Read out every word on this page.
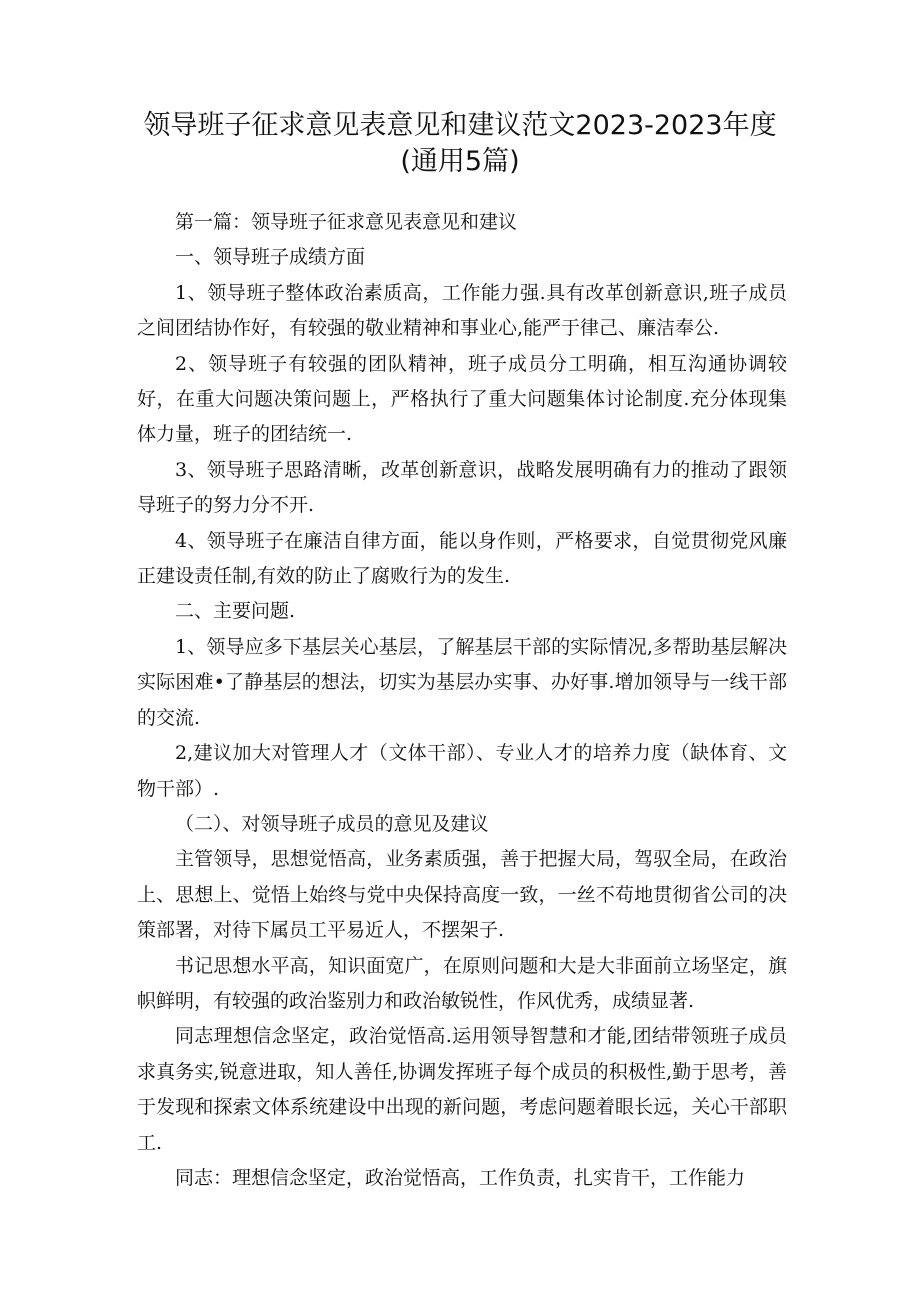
领导班子征求意见表意见和建议范文2023-2023年度
(通用5篇)

第一篇：领导班子征求意见表意见和建议

一、领导班子成绩方面

1、领导班子整体政治素质高，工作能力强.具有改革创新意识,班子成员之间团结协作好，有较强的敬业精神和事业心,能严于律己、廉洁奉公.

2、领导班子有较强的团队精神，班子成员分工明确，相互沟通协调较好，在重大问题决策问题上，严格执行了重大问题集体讨论制度.充分体现集体力量，班子的团结统一.

3、领导班子思路清晰，改革创新意识，战略发展明确有力的推动了跟领导班子的努力分不开.

4、领导班子在廉洁自律方面，能以身作则，严格要求，自觉贯彻党风廉正建设责任制,有效的防止了腐败行为的发生.

二、主要问题.

1、领导应多下基层关心基层，了解基层干部的实际情况,多帮助基层解决实际困难•了静基层的想法，切实为基层办实事、办好事.增加领导与一线干部的交流.

2,建议加大对管理人才（文体干部）、专业人才的培养力度（缺体育、文物干部）.

（二）、对领导班子成员的意见及建议

主管领导，思想觉悟高，业务素质强，善于把握大局，驾驭全局，在政治上、思想上、觉悟上始终与党中央保持高度一致，一丝不苟地贯彻省公司的决策部署，对待下属员工平易近人，不摆架子.

书记思想水平高，知识面宽广，在原则问题和大是大非面前立场坚定，旗帜鲜明，有较强的政治鉴别力和政治敏锐性，作风优秀，成绩显著.

同志理想信念坚定，政治觉悟高.运用领导智慧和才能,团结带领班子成员求真务实,锐意进取，知人善任,协调发挥班子每个成员的积极性,勤于思考，善于发现和探索文体系统建设中出现的新问题，考虑问题着眼长远，关心干部职工.

同志：理想信念坚定，政治觉悟高，工作负责，扎实肯干，工作能力
